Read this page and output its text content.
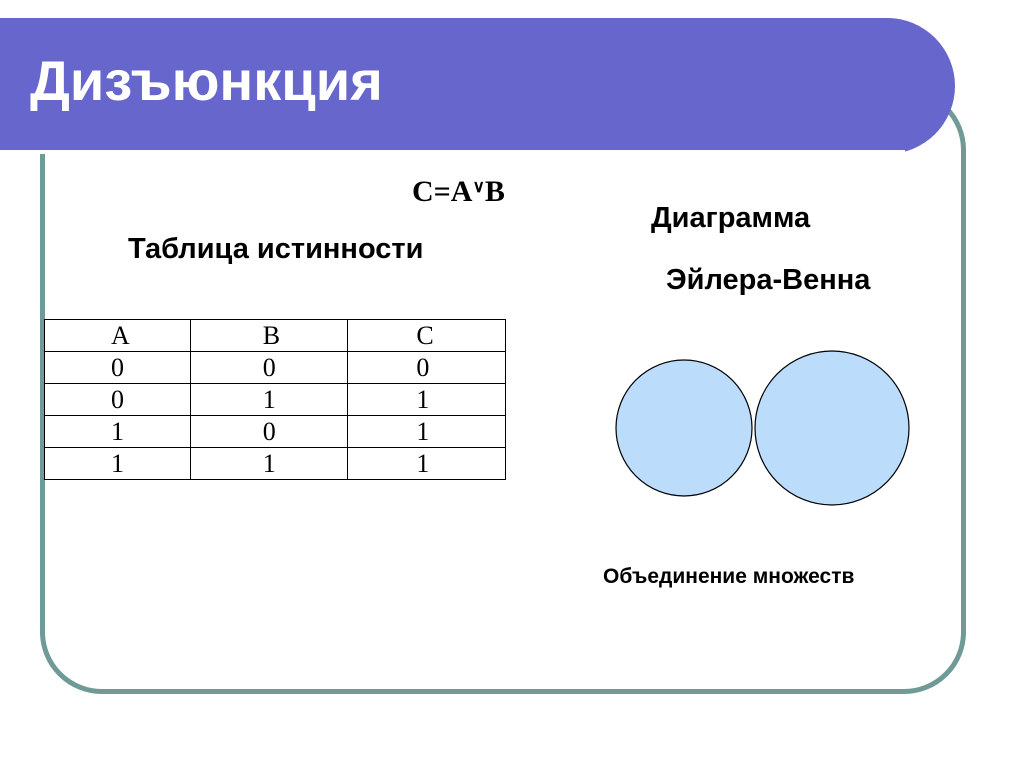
Дизъюнкция

C=A∨B

Таблица истинности

A	B	C
0	0	0
0	1	1
1	0	1
1	1	1

Диаграмма

Эйлера-Венна

Объединение множеств
